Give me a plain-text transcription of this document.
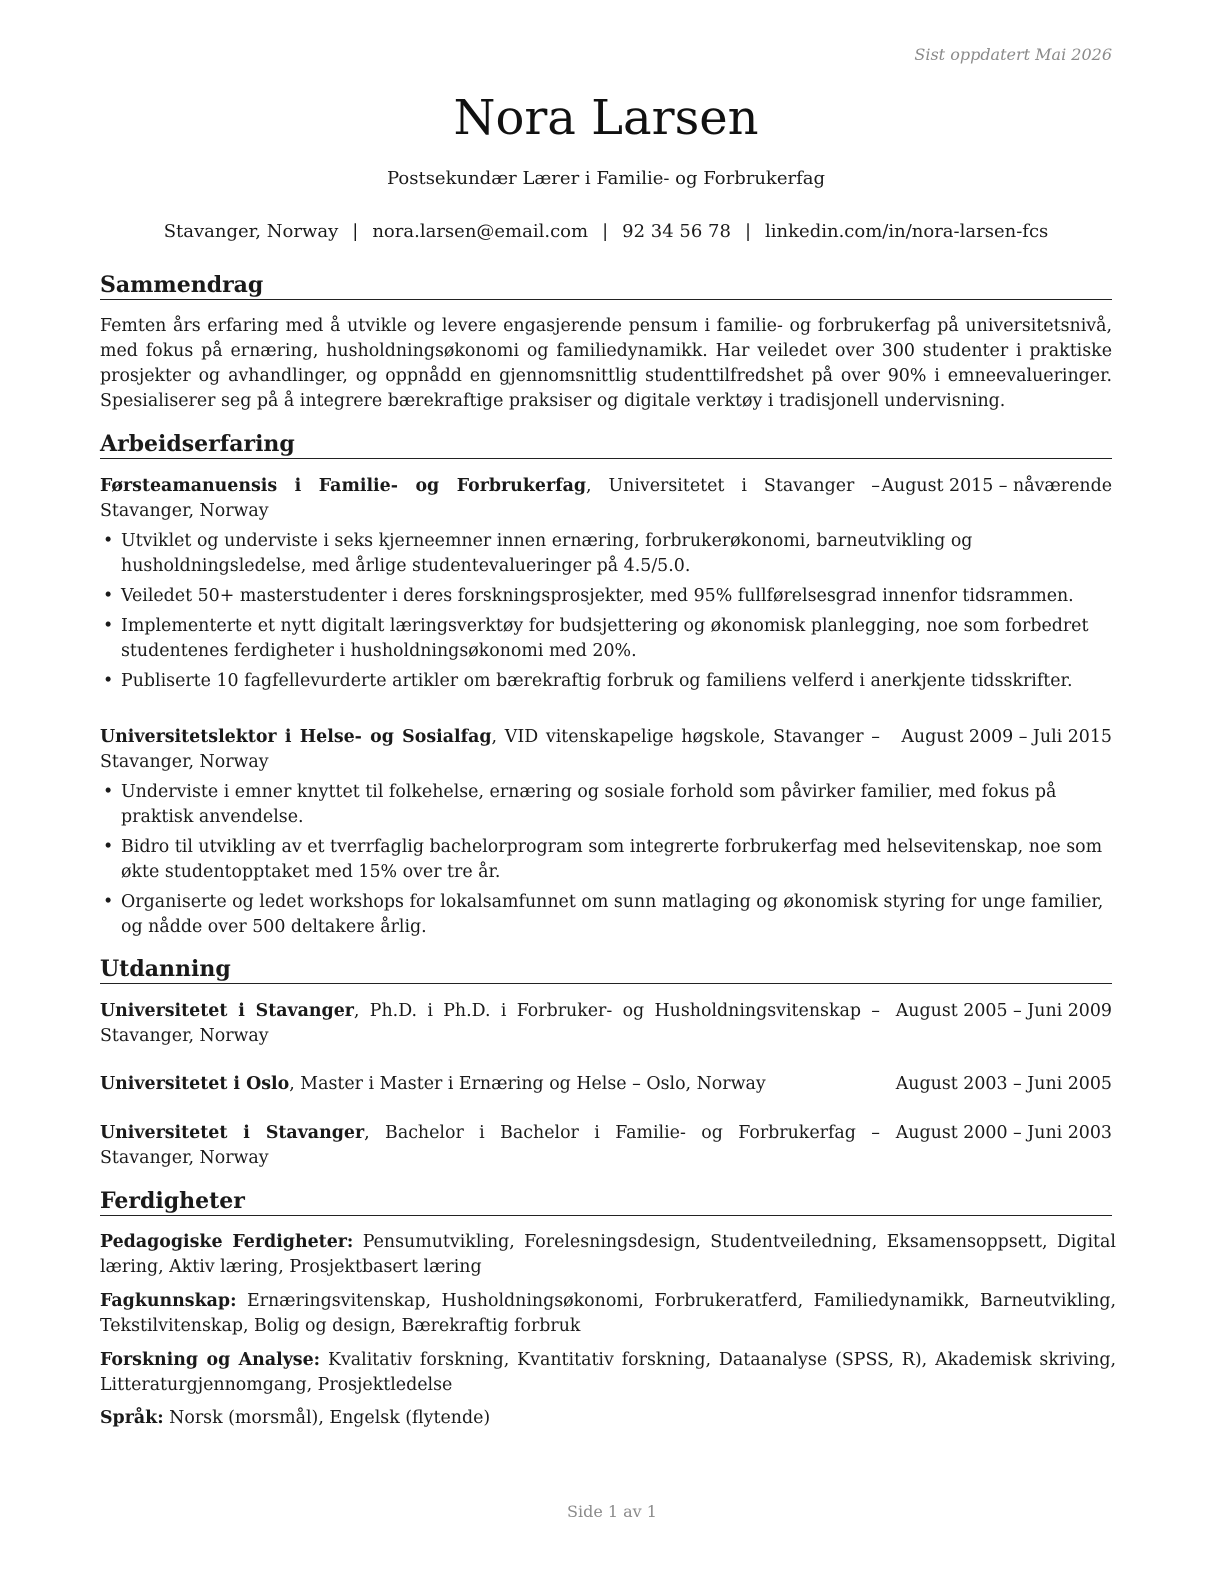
Sist oppdatert Mai 2026
Nora Larsen
Postsekundær Lærer i Familie- og Forbrukerfag
Stavanger, Norway | nora.larsen@email.com | 92 34 56 78 | linkedin.com/in/nora-larsen-fcs
Sammendrag

Femten års erfaring med å utvikle og levere engasjerende pensum i familie- og forbrukerfag på universitetsnivå, med fokus på ernæring, husholdningsøkonomi og familiedynamikk. Har veiledet over 300 studenter i praktiske prosjekter og avhandlinger, og oppnådd en gjennomsnittlig studenttilfredshet på over 90% i emneevalueringer. Spesialiserer seg på å integrere bærekraftige praksiser og digitale verktøy i tradisjonell undervisning.

Arbeidserfaring
Førsteamanuensis i Familie- og Forbrukerfag, Universitetet i Stavanger – Stavanger, Norway
August 2015 – nåværende
• Utviklet og underviste i seks kjerneemner innen ernæring, forbrukerøkonomi, barneutvikling og husholdningsledelse, med årlige studentevalueringer på 4.5/5.0.
• Veiledet 50+ masterstudenter i deres forskningsprosjekter, med 95% fullførelsesgrad innenfor tidsrammen.
• Implementerte et nytt digitalt læringsverktøy for budsjettering og økonomisk planlegging, noe som forbedret studentenes ferdigheter i husholdningsøkonomi med 20%.
• Publiserte 10 fagfellevurderte artikler om bærekraftig forbruk og familiens velferd i anerkjente tidsskrifter.
Universitetslektor i Helse- og Sosialfag, VID vitenskapelige høgskole, Stavanger – Stavanger, Norway
August 2009 – Juli 2015
• Underviste i emner knyttet til folkehelse, ernæring og sosiale forhold som påvirker familier, med fokus på praktisk anvendelse.
• Bidro til utvikling av et tverrfaglig bachelorprogram som integrerte forbrukerfag med helsevitenskap, noe som økte studentopptaket med 15% over tre år.
• Organiserte og ledet workshops for lokalsamfunnet om sunn matlaging og økonomisk styring for unge familier, og nådde over 500 deltakere årlig.
Utdanning
Universitetet i Stavanger, Ph.D. i Ph.D. i Forbruker- og Husholdningsvitenskap – Stavanger, Norway
August 2005 – Juni 2009
Universitetet i Oslo, Master i Master i Ernæring og Helse – Oslo, Norway	August 2003 – Juni 2005
Universitetet i Stavanger, Bachelor i Bachelor i Familie- og Forbrukerfag – Stavanger, Norway
August 2000 – Juni 2003
Ferdigheter

Pedagogiske Ferdigheter: Pensumutvikling, Forelesningsdesign, Studentveiledning, Eksamensoppsett, Digital læring, Aktiv læring, Prosjektbasert læring

Fagkunnskap: Ernæringsvitenskap, Husholdningsøkonomi, Forbrukeratferd, Familiedynamikk, Barneutvikling, Tekstilvitenskap, Bolig og design, Bærekraftig forbruk

Forskning og Analyse: Kvalitativ forskning, Kvantitativ forskning, Dataanalyse (SPSS, R), Akademisk skriving, Litteraturgjennomgang, Prosjektledelse

Språk: Norsk (morsmål), Engelsk (flytende)

Side 1 av 1
